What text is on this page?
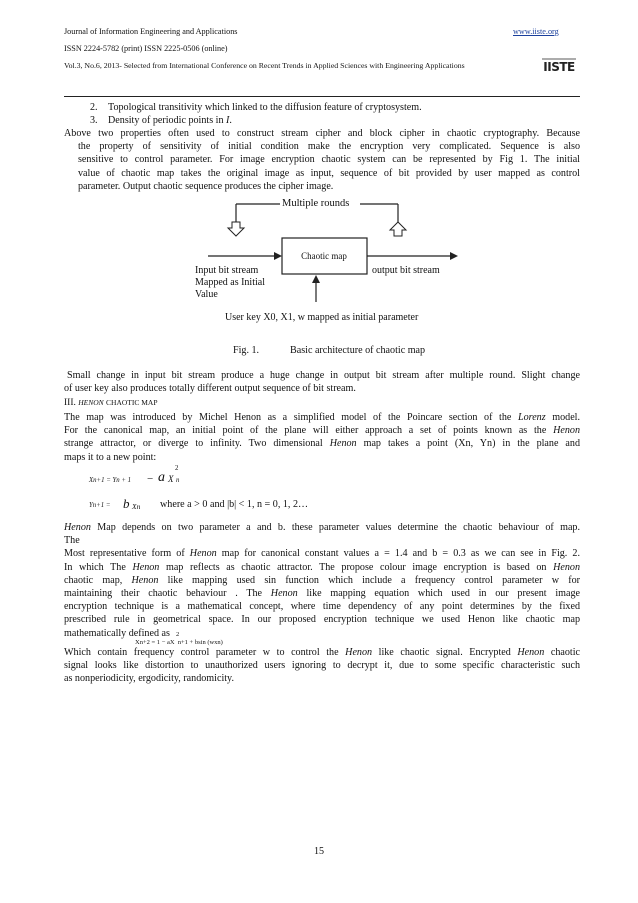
Journal of Information Engineering and Applications	www.iiste.org
ISSN 2224-5782 (print) ISSN 2225-0506 (online)
Vol.3, No.6, 2013- Selected from International Conference on Recent Trends in Applied Sciences with Engineering Applications	IISTE
2. Topological transitivity which linked to the diffusion feature of cryptosystem.
3. Density of periodic points in I.
Above two properties often used to construct stream cipher and block cipher in chaotic cryptography. Because
the property of sensitivity of initial condition make the encryption very complicated. Sequence is also
sensitive to control parameter. For image encryption chaotic system can be represented by Fig 1. The initial
value of chaotic map takes the original image as input, sequence of bit provided by user mapped as control
parameter. Output chaotic sequence produces the cipher image.
Multiple rounds
Chaotic map
Input bit stream
Mapped as Initial
Value
output bit stream
User key X0, X1, w mapped as initial parameter
Fig. 1.	Basic architecture of chaotic map
Small change in input bit stream produce a huge change in output bit stream after multiple round. Slight change
of user key also produces totally different output sequence of bit stream.
III. HENON CHAOTIC MAP
The map was introduced by Michel Henon as a simplified model of the Poincare section of the Lorenz model.
For the canonical map, an initial point of the plane will either approach a set of points known as the Henon
strange attractor, or diverge to infinity. Two dimensional Henon map takes a point (Xn, Yn) in the plane and
maps it to a new point:
Xn+1 = Yn + 1 − a X n
2
Yn+1 = b Xn where a > 0 and |b| < 1, n = 0, 1, 2…
Henon Map depends on two parameter a and b. these parameter values determine the chaotic behaviour of map.
The
Most representative form of Henon map for canonical constant values a = 1.4 and b = 0.3 as we can see in Fig. 2.
In which The Henon map reflects as chaotic attractor. The propose colour image encryption is based on Henon
chaotic map, Henon like mapping used sin function which include a frequency control parameter w for
maintaining their chaotic behaviour . The Henon like mapping equation which used in our present image
encryption technique is a mathematical concept, where time dependency of any point determines by the fixed
prescribed rule in geometrical space. In our proposed encryption technique we used Henon like chaotic map
mathematically defined as 2
Xn+2 = 1 − aX  n+1 + bsin (wxn)
Which contain frequency control parameter w to control the Henon like chaotic signal. Encrypted Henon chaotic
signal looks like distortion to unauthorized users ignoring to decrypt it, due to some specific characteristic such
as nonperiodicity, ergodicity, randomicity.
15
